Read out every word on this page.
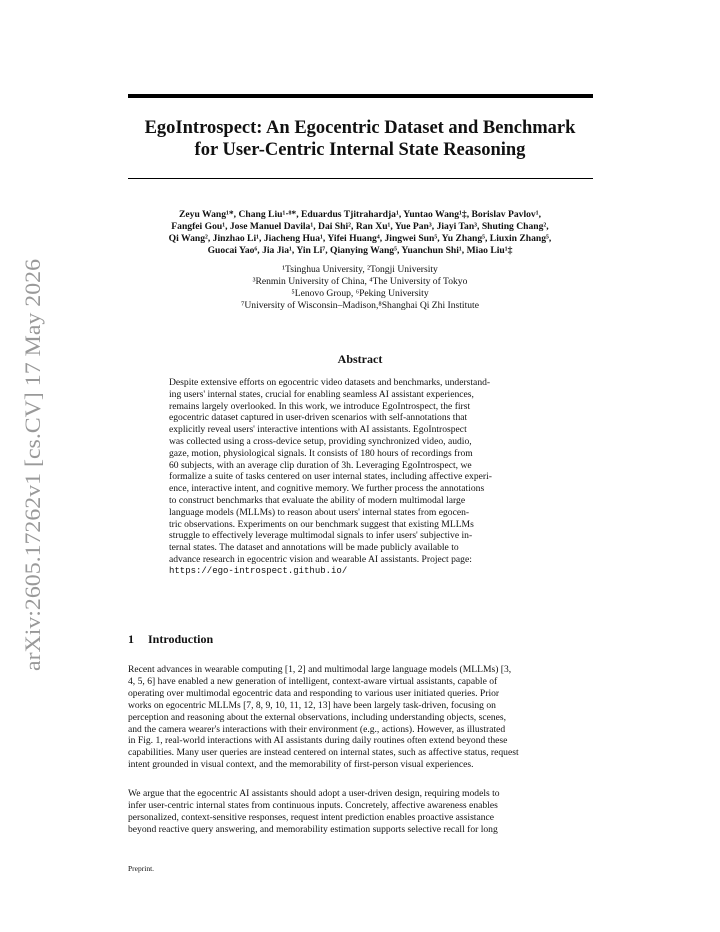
arXiv:2605.17262v1 [cs.CV] 17 May 2026
EgoIntrospect: An Egocentric Dataset and Benchmark
for User-Centric Internal State Reasoning
Zeyu Wang¹*, Chang Liu¹·⁸*, Eduardus Tjitrahardja¹, Yuntao Wang¹‡, Borislav Pavlov¹,
Fangfei Gou¹, Jose Manuel Davila¹, Dai Shi², Ran Xu¹, Yue Pan³, Jiayi Tan³, Shuting Chang²,
Qi Wang², Jinzhao Li¹, Jiacheng Hua¹, Yifei Huang⁴, Jingwei Sun⁵, Yu Zhang⁵, Liuxin Zhang⁵,
Guocai Yao⁶, Jia Jia¹, Yin Li⁷, Qianying Wang⁵, Yuanchun Shi¹, Miao Liu¹‡
¹Tsinghua University, ²Tongji University
³Renmin University of China, ⁴The University of Tokyo
⁵Lenovo Group, ⁶Peking University
⁷University of Wisconsin–Madison,⁸Shanghai Qi Zhi Institute
Abstract
Despite extensive efforts on egocentric video datasets and benchmarks, understand-
ing users' internal states, crucial for enabling seamless AI assistant experiences,
remains largely overlooked. In this work, we introduce EgoIntrospect, the first
egocentric dataset captured in user-driven scenarios with self-annotations that
explicitly reveal users' interactive intentions with AI assistants. EgoIntrospect
was collected using a cross-device setup, providing synchronized video, audio,
gaze, motion, physiological signals. It consists of 180 hours of recordings from
60 subjects, with an average clip duration of 3h. Leveraging EgoIntrospect, we
formalize a suite of tasks centered on user internal states, including affective experi-
ence, interactive intent, and cognitive memory. We further process the annotations
to construct benchmarks that evaluate the ability of modern multimodal large
language models (MLLMs) to reason about users' internal states from egocen-
tric observations. Experiments on our benchmark suggest that existing MLLMs
struggle to effectively leverage multimodal signals to infer users' subjective in-
ternal states. The dataset and annotations will be made publicly available to
advance research in egocentric vision and wearable AI assistants. Project page:
https://ego-introspect.github.io/
1 Introduction
Recent advances in wearable computing [1, 2] and multimodal large language models (MLLMs) [3,
4, 5, 6] have enabled a new generation of intelligent, context-aware virtual assistants, capable of
operating over multimodal egocentric data and responding to various user initiated queries. Prior
works on egocentric MLLMs [7, 8, 9, 10, 11, 12, 13] have been largely task-driven, focusing on
perception and reasoning about the external observations, including understanding objects, scenes,
and the camera wearer's interactions with their environment (e.g., actions). However, as illustrated
in Fig. 1, real-world interactions with AI assistants during daily routines often extend beyond these
capabilities. Many user queries are instead centered on internal states, such as affective status, request
intent grounded in visual context, and the memorability of first-person visual experiences.
We argue that the egocentric AI assistants should adopt a user-driven design, requiring models to
infer user-centric internal states from continuous inputs. Concretely, affective awareness enables
personalized, context-sensitive responses, request intent prediction enables proactive assistance
beyond reactive query answering, and memorability estimation supports selective recall for long
Preprint.
